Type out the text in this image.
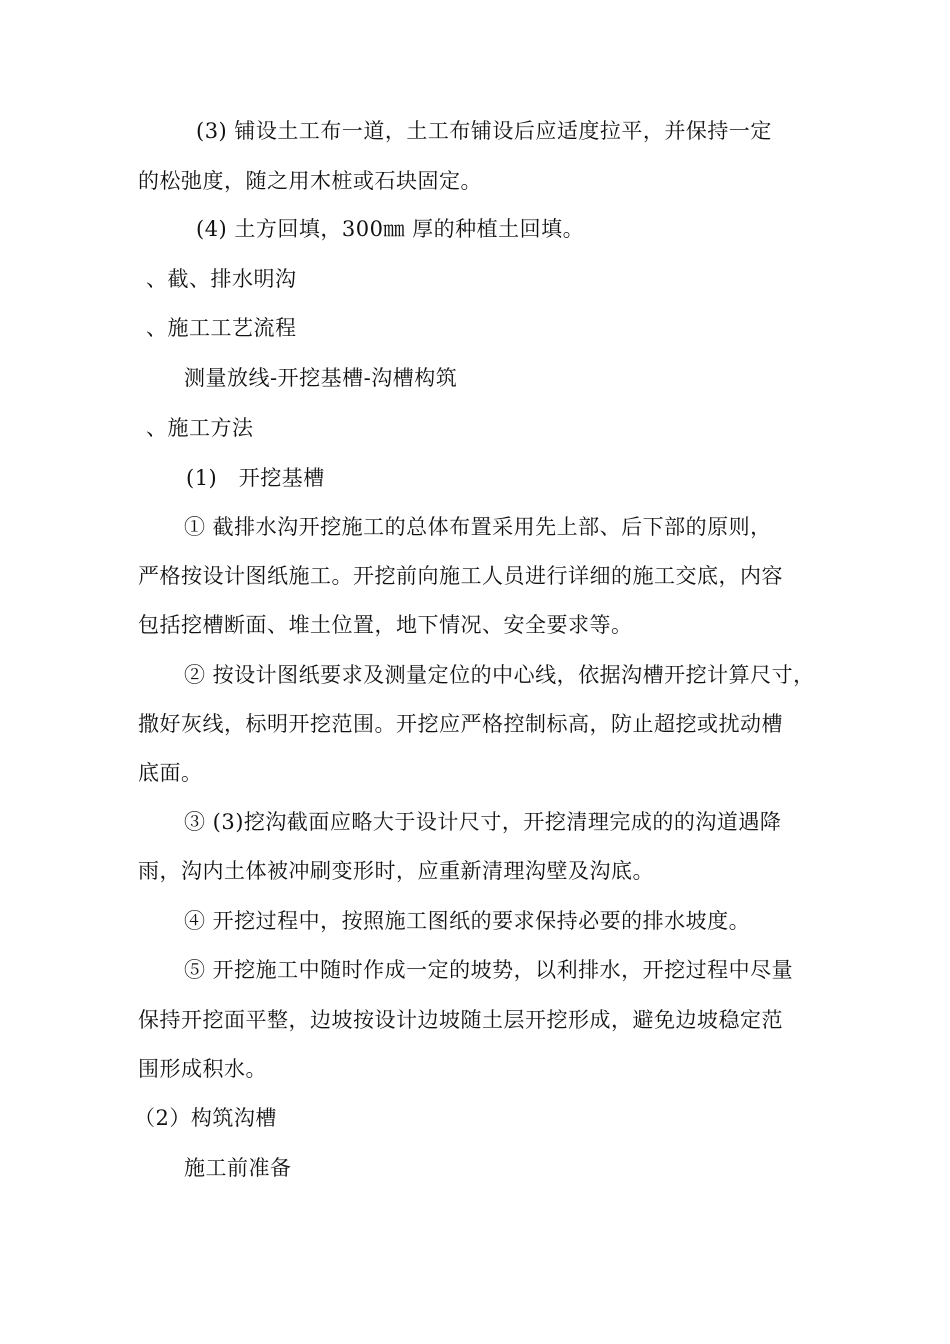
(3) 铺设土工布一道，土工布铺设后应适度拉平，并保持一定
的松弛度，随之用木桩或石块固定。
(4) 土方回填，300㎜ 厚的种植土回填。
、截、排水明沟
、施工工艺流程
测量放线-开挖基槽-沟槽构筑
、施工方法
(1)　开挖基槽
① 截排水沟开挖施工的总体布置采用先上部、后下部的原则，
严格按设计图纸施工。开挖前向施工人员进行详细的施工交底，内容
包括挖槽断面、堆土位置，地下情况、安全要求等。
② 按设计图纸要求及测量定位的中心线，依据沟槽开挖计算尺寸，
撒好灰线，标明开挖范围。开挖应严格控制标高，防止超挖或扰动槽
底面。
③ (3)挖沟截面应略大于设计尺寸，开挖清理完成的的沟道遇降
雨，沟内土体被冲刷变形时，应重新清理沟壁及沟底。
④ 开挖过程中，按照施工图纸的要求保持必要的排水坡度。
⑤ 开挖施工中随时作成一定的坡势，以利排水，开挖过程中尽量
保持开挖面平整，边坡按设计边坡随土层开挖形成，避免边坡稳定范
围形成积水。
（2）构筑沟槽
施工前准备
